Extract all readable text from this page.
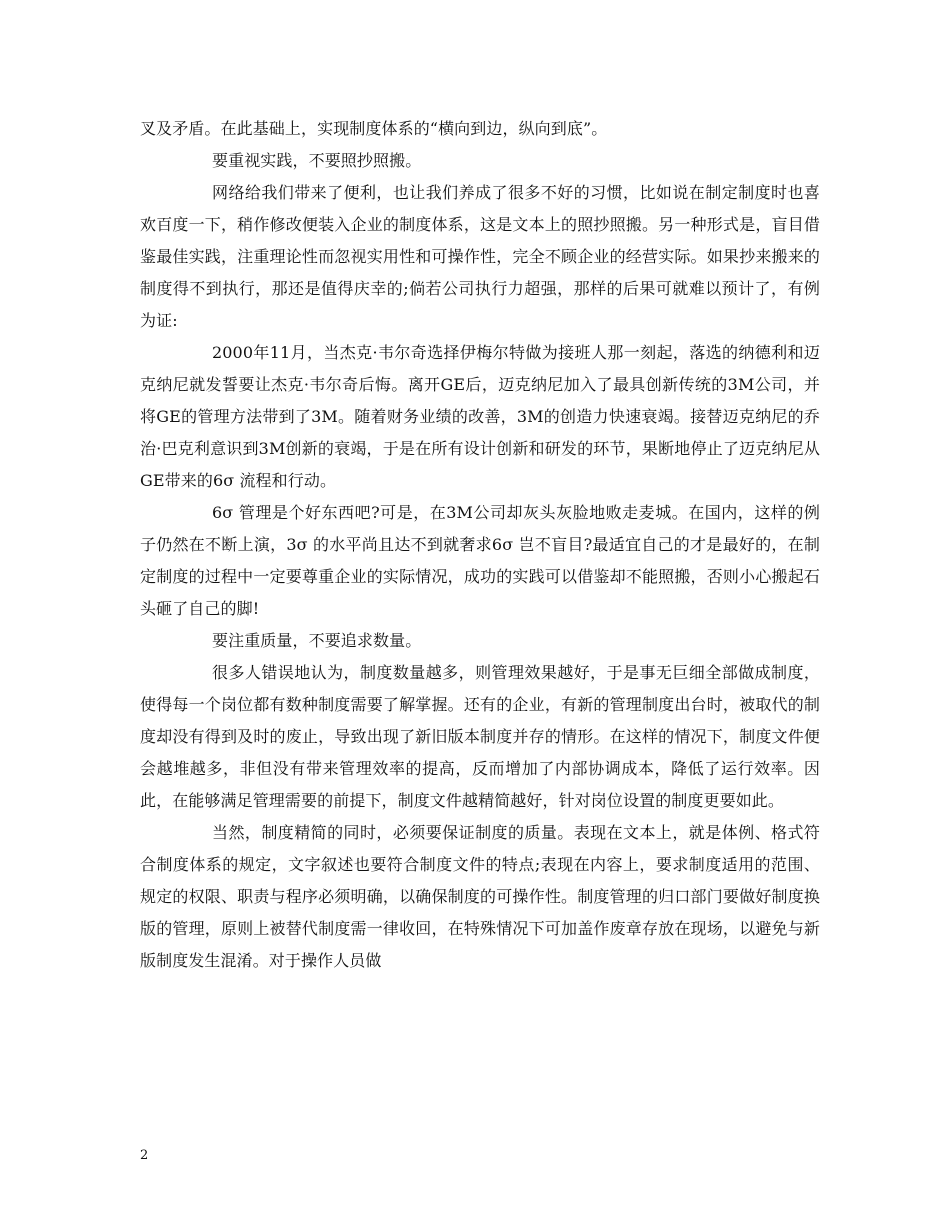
叉及矛盾。在此基础上，实现制度体系的“横向到边，纵向到底”。

要重视实践，不要照抄照搬。

网络给我们带来了便利，也让我们养成了很多不好的习惯，比如说在制定制度时也喜欢百度一下，稍作修改便装入企业的制度体系，这是文本上的照抄照搬。另一种形式是，盲目借鉴最佳实践，注重理论性而忽视实用性和可操作性，完全不顾企业的经营实际。如果抄来搬来的制度得不到执行，那还是值得庆幸的;倘若公司执行力超强，那样的后果可就难以预计了，有例为证:

2000年11月，当杰克·韦尔奇选择伊梅尔特做为接班人那一刻起，落选的纳德利和迈克纳尼就发誓要让杰克·韦尔奇后悔。离开GE后，迈克纳尼加入了最具创新传统的3M公司，并将GE的管理方法带到了3M。随着财务业绩的改善，3M的创造力快速衰竭。接替迈克纳尼的乔治·巴克利意识到3M创新的衰竭，于是在所有设计创新和研发的环节，果断地停止了迈克纳尼从GE带来的6σ 流程和行动。

6σ 管理是个好东西吧?可是，在3M公司却灰头灰脸地败走麦城。在国内，这样的例子仍然在不断上演，3σ 的水平尚且达不到就奢求6σ 岂不盲目?最适宜自己的才是最好的，在制定制度的过程中一定要尊重企业的实际情况，成功的实践可以借鉴却不能照搬，否则小心搬起石头砸了自己的脚!

要注重质量，不要追求数量。

很多人错误地认为，制度数量越多，则管理效果越好，于是事无巨细全部做成制度，使得每一个岗位都有数种制度需要了解掌握。还有的企业，有新的管理制度出台时，被取代的制度却没有得到及时的废止，导致出现了新旧版本制度并存的情形。在这样的情况下，制度文件便会越堆越多，非但没有带来管理效率的提高，反而增加了内部协调成本，降低了运行效率。因此，在能够满足管理需要的前提下，制度文件越精简越好，针对岗位设置的制度更要如此。

当然，制度精简的同时，必须要保证制度的质量。表现在文本上，就是体例、格式符合制度体系的规定，文字叙述也要符合制度文件的特点;表现在内容上，要求制度适用的范围、规定的权限、职责与程序必须明确，以确保制度的可操作性。制度管理的归口部门要做好制度换版的管理，原则上被替代制度需一律收回，在特殊情况下可加盖作废章存放在现场，以避免与新版制度发生混淆。对于操作人员做

2
